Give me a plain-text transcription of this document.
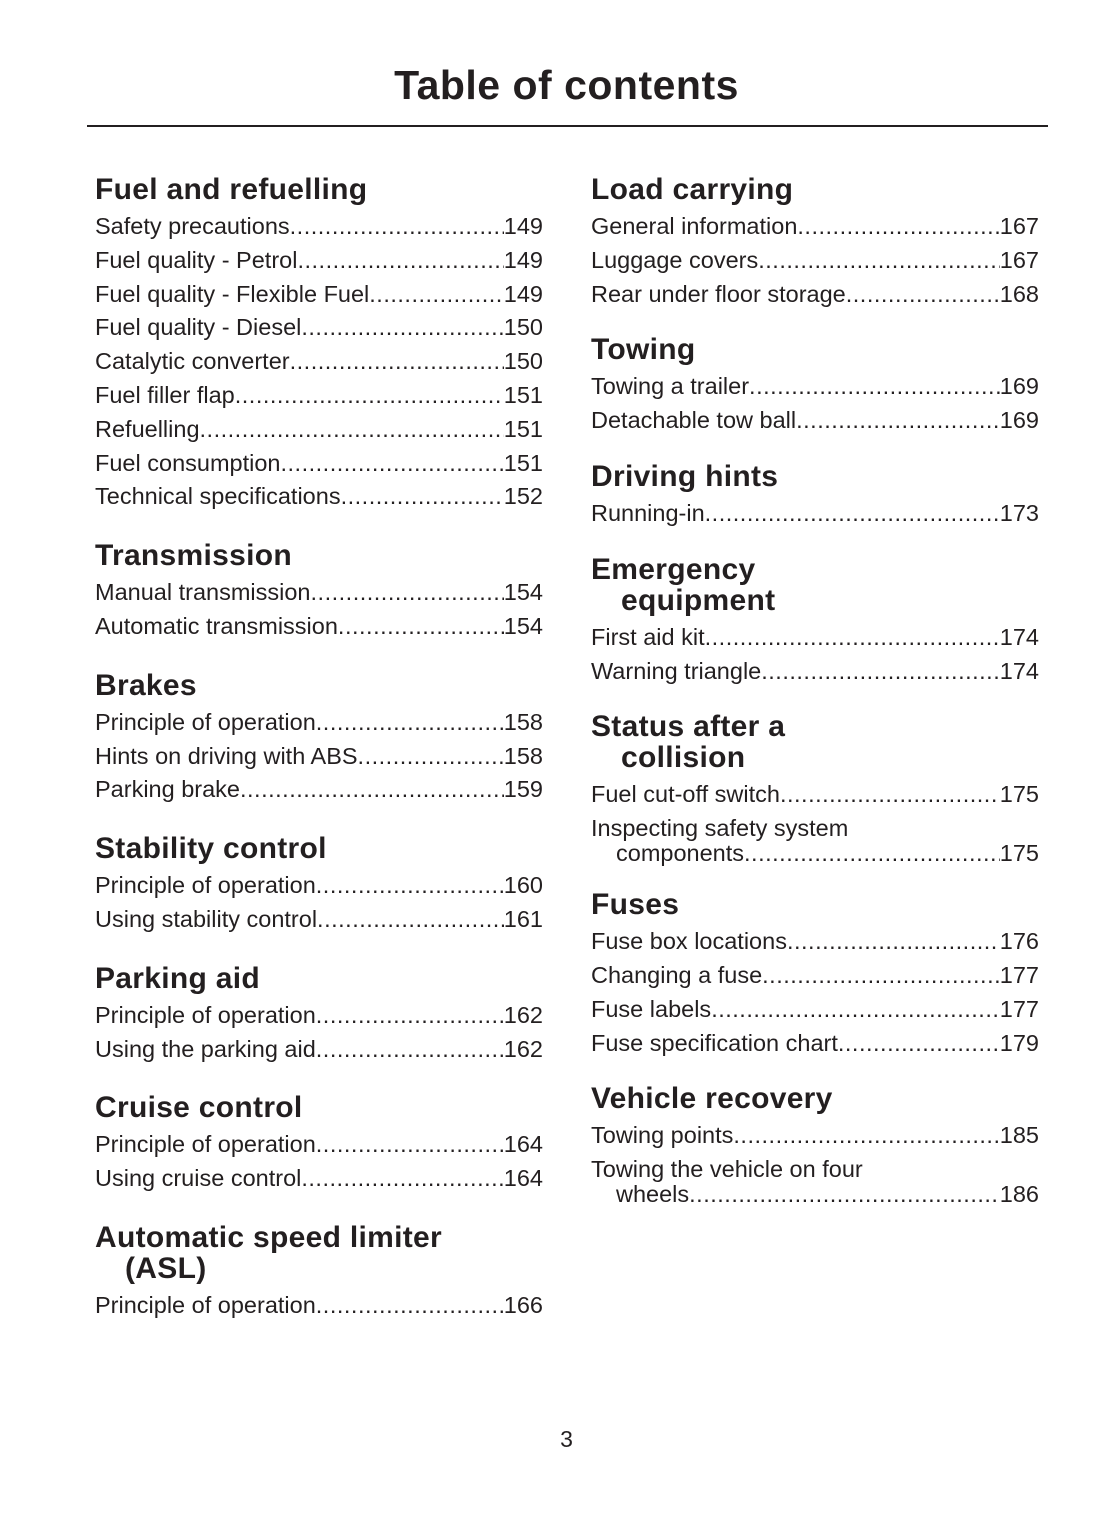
Table of contents
Fuel and refuelling
Safety precautions .....	149
Fuel quality - Petrol .....	149
Fuel quality - Flexible Fuel .....	149
Fuel quality - Diesel .....	150
Catalytic converter .....	150
Fuel filler flap .....	151
Refuelling .....	151
Fuel consumption .....	151
Technical specifications .....	152
Transmission
Manual transmission .....	154
Automatic transmission .....	154
Brakes
Principle of operation .....	158
Hints on driving with ABS .....	158
Parking brake .....	159
Stability control
Principle of operation .....	160
Using stability control .....	161
Parking aid
Principle of operation .....	162
Using the parking aid .....	162
Cruise control
Principle of operation .....	164
Using cruise control .....	164
Automatic speed limiter
(ASL)
Principle of operation .....	166
Load carrying
General information .....	167
Luggage covers .....	167
Rear under floor storage .....	168
Towing
Towing a trailer .....	169
Detachable tow ball .....	169
Driving hints
Running-in .....	173
Emergency
equipment
First aid kit .....	174
Warning triangle .....	174
Status after a
collision
Fuel cut-off switch .....	175
Inspecting safety system
components .....	175
Fuses
Fuse box locations .....	176
Changing a fuse .....	177
Fuse labels .....	177
Fuse specification chart .....	179
Vehicle recovery
Towing points .....	185
Towing the vehicle on four
wheels .....	186
3
